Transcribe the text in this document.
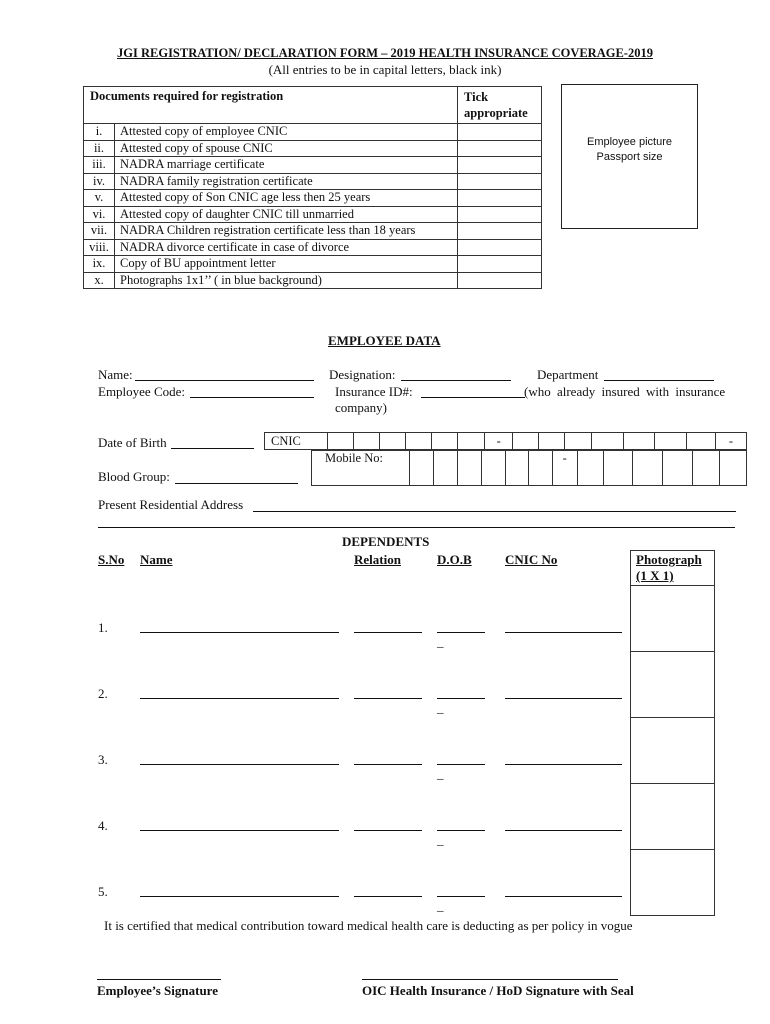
JGI REGISTRATION/ DECLARATION FORM – 2019 HEALTH INSURANCE COVERAGE-2019
(All entries to be in capital letters, black ink)
Documents required for registration		Tick
appropriate
i.	Attested copy of employee CNIC	
ii.	Attested copy of spouse CNIC	
iii.	NADRA marriage certificate	
iv.	NADRA family registration certificate	
v.	Attested copy of Son CNIC age less then 25 years	
vi.	Attested copy of daughter CNIC till unmarried	
vii.	NADRA Children registration certificate less than 18 years	
viii.	NADRA divorce certificate in case of divorce	
ix.	Copy of BU appointment letter	
x.	Photographs 1x1’’ ( in blue background)	
Employee picture
Passport size
EMPLOYEE DATA
Name:	Designation:	Department
Employee Code:	Insurance ID#:	(who already insured with insurance
company)
Date of Birth	CNIC							-								-
Mobile No:							-						
Blood Group:
Present Residential Address
DEPENDENTS
S.No Name	Relation	D.O.B	CNIC No	Photograph
(1 X 1)
1.
_
2.
_
3.
_
4.
_
5.
_
It is certified that medical contribution toward medical health care is deducting as per policy in vogue
Employee’s Signature	OIC Health Insurance / HoD Signature with Seal
